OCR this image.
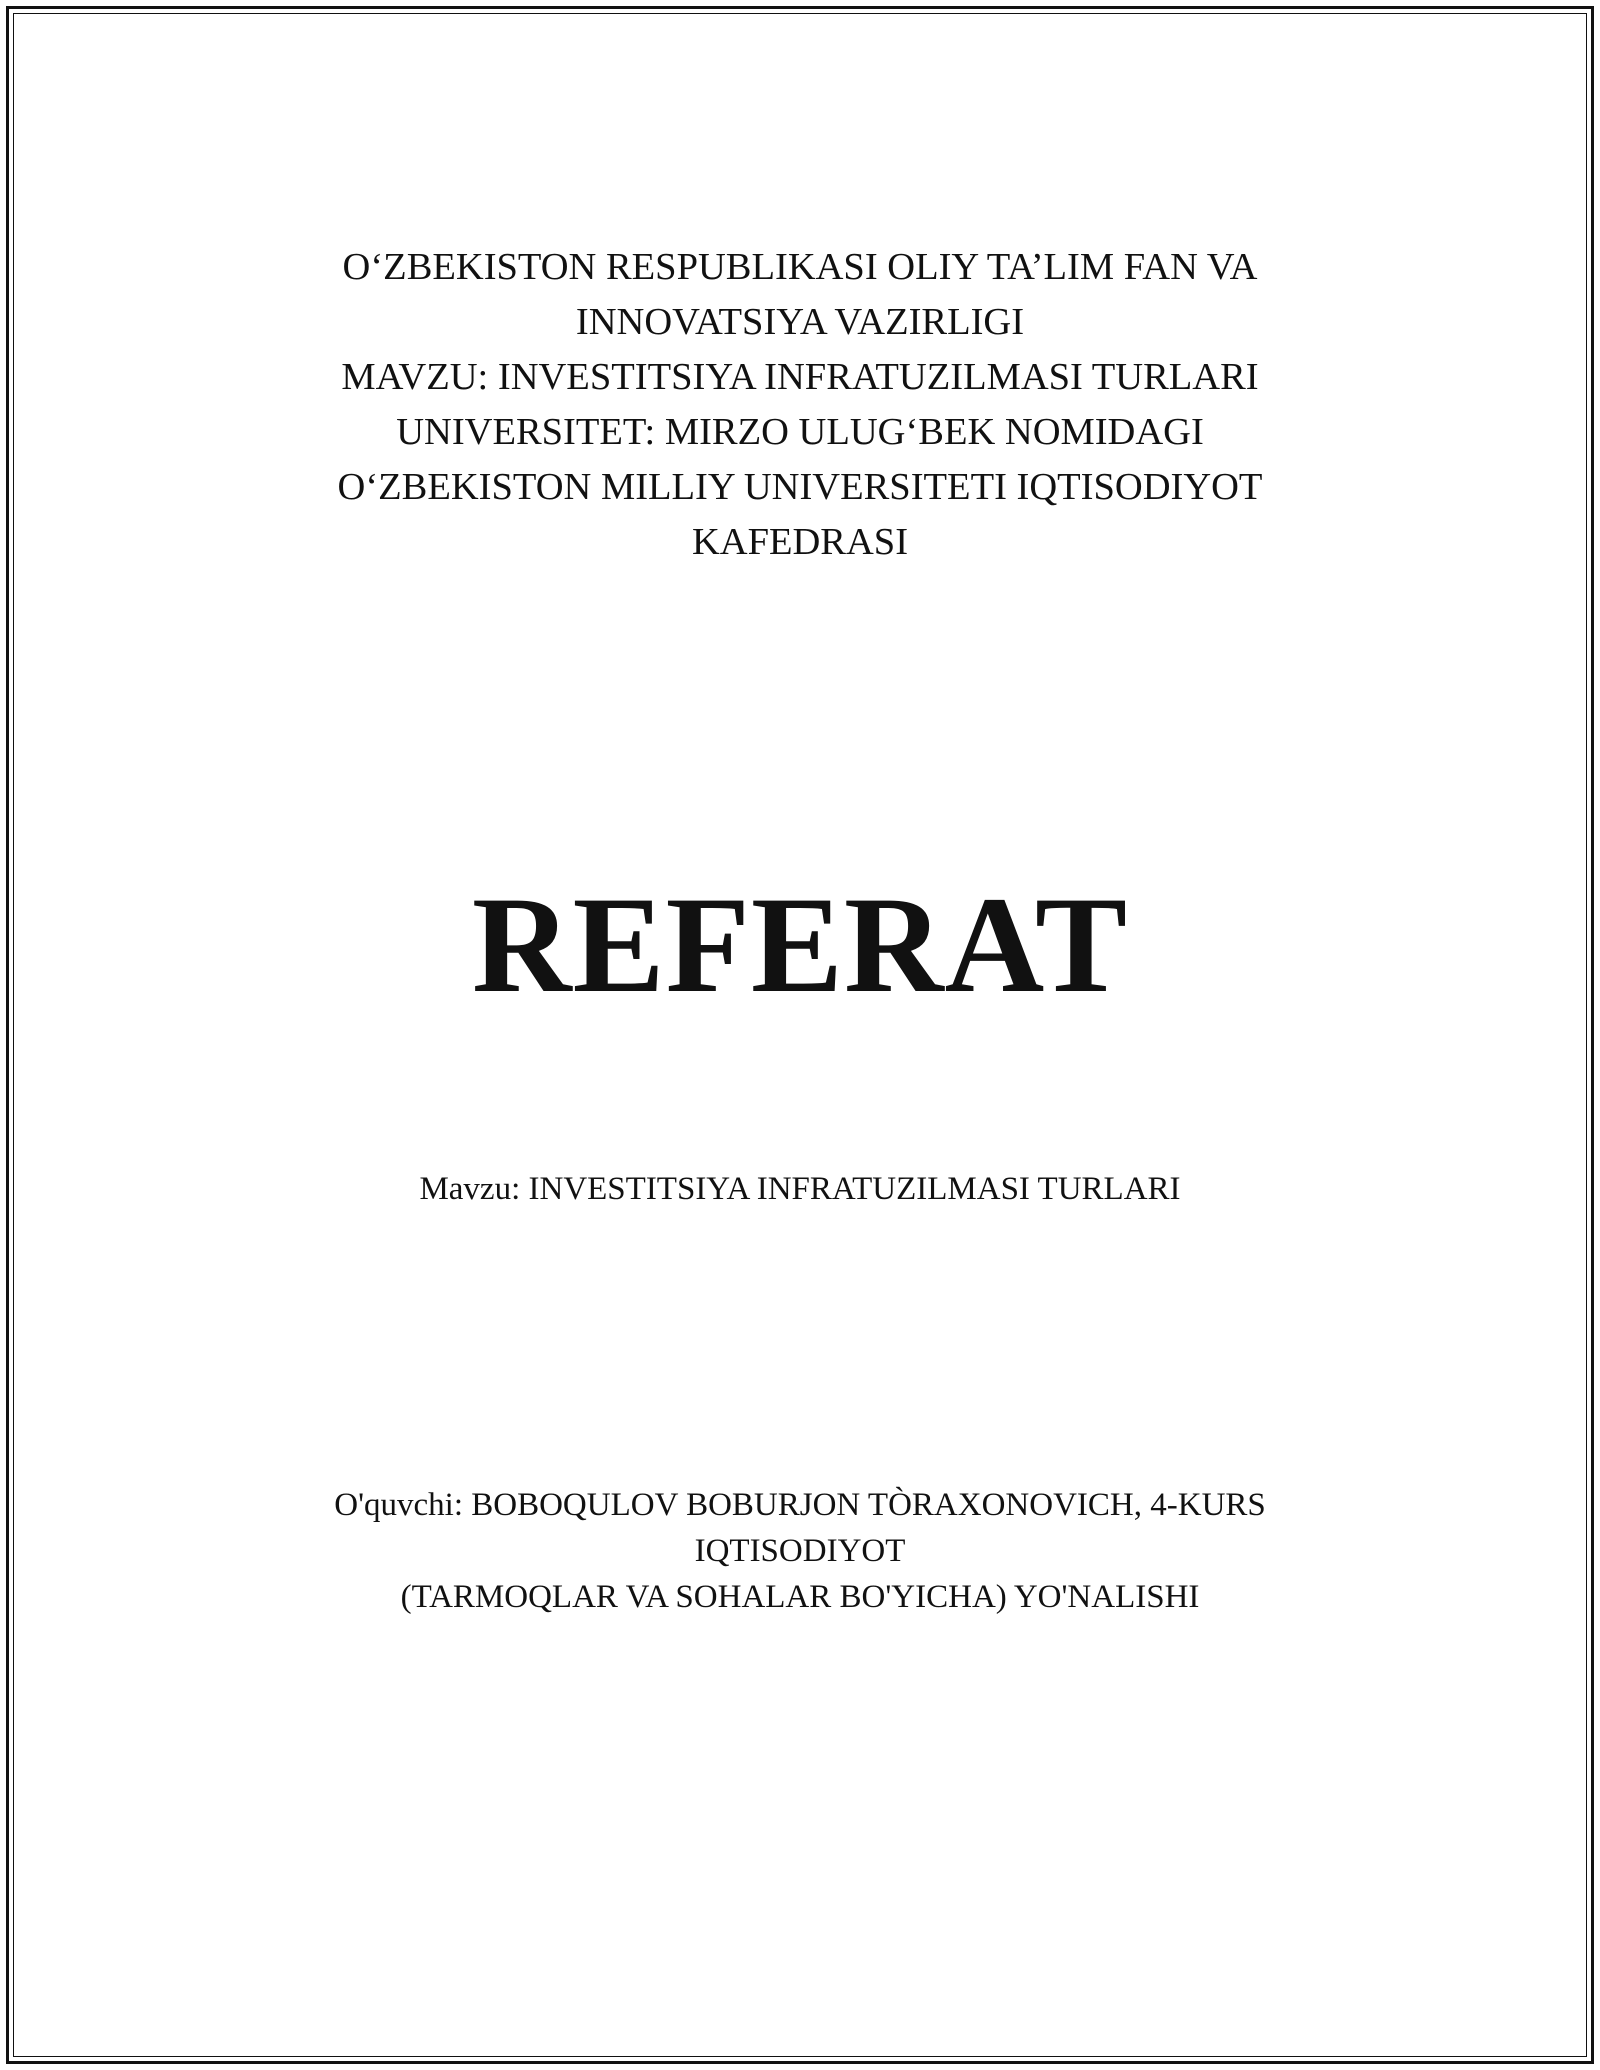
O‘ZBEKISTON RESPUBLIKASI OLIY TA’LIM FAN VA
INNOVATSIYA VAZIRLIGI
MAVZU: INVESTITSIYA INFRATUZILMASI TURLARI
UNIVERSITET: MIRZO ULUG‘BEK NOMIDAGI
O‘ZBEKISTON MILLIY UNIVERSITETI IQTISODIYOT
KAFEDRASI
REFERAT
Mavzu: INVESTITSIYA INFRATUZILMASI TURLARI
O'quvchi: BOBOQULOV BOBURJON TÒRAXONOVICH, 4-KURS
IQTISODIYOT
(TARMOQLAR VA SOHALAR BO'YICHA) YO'NALISHI
